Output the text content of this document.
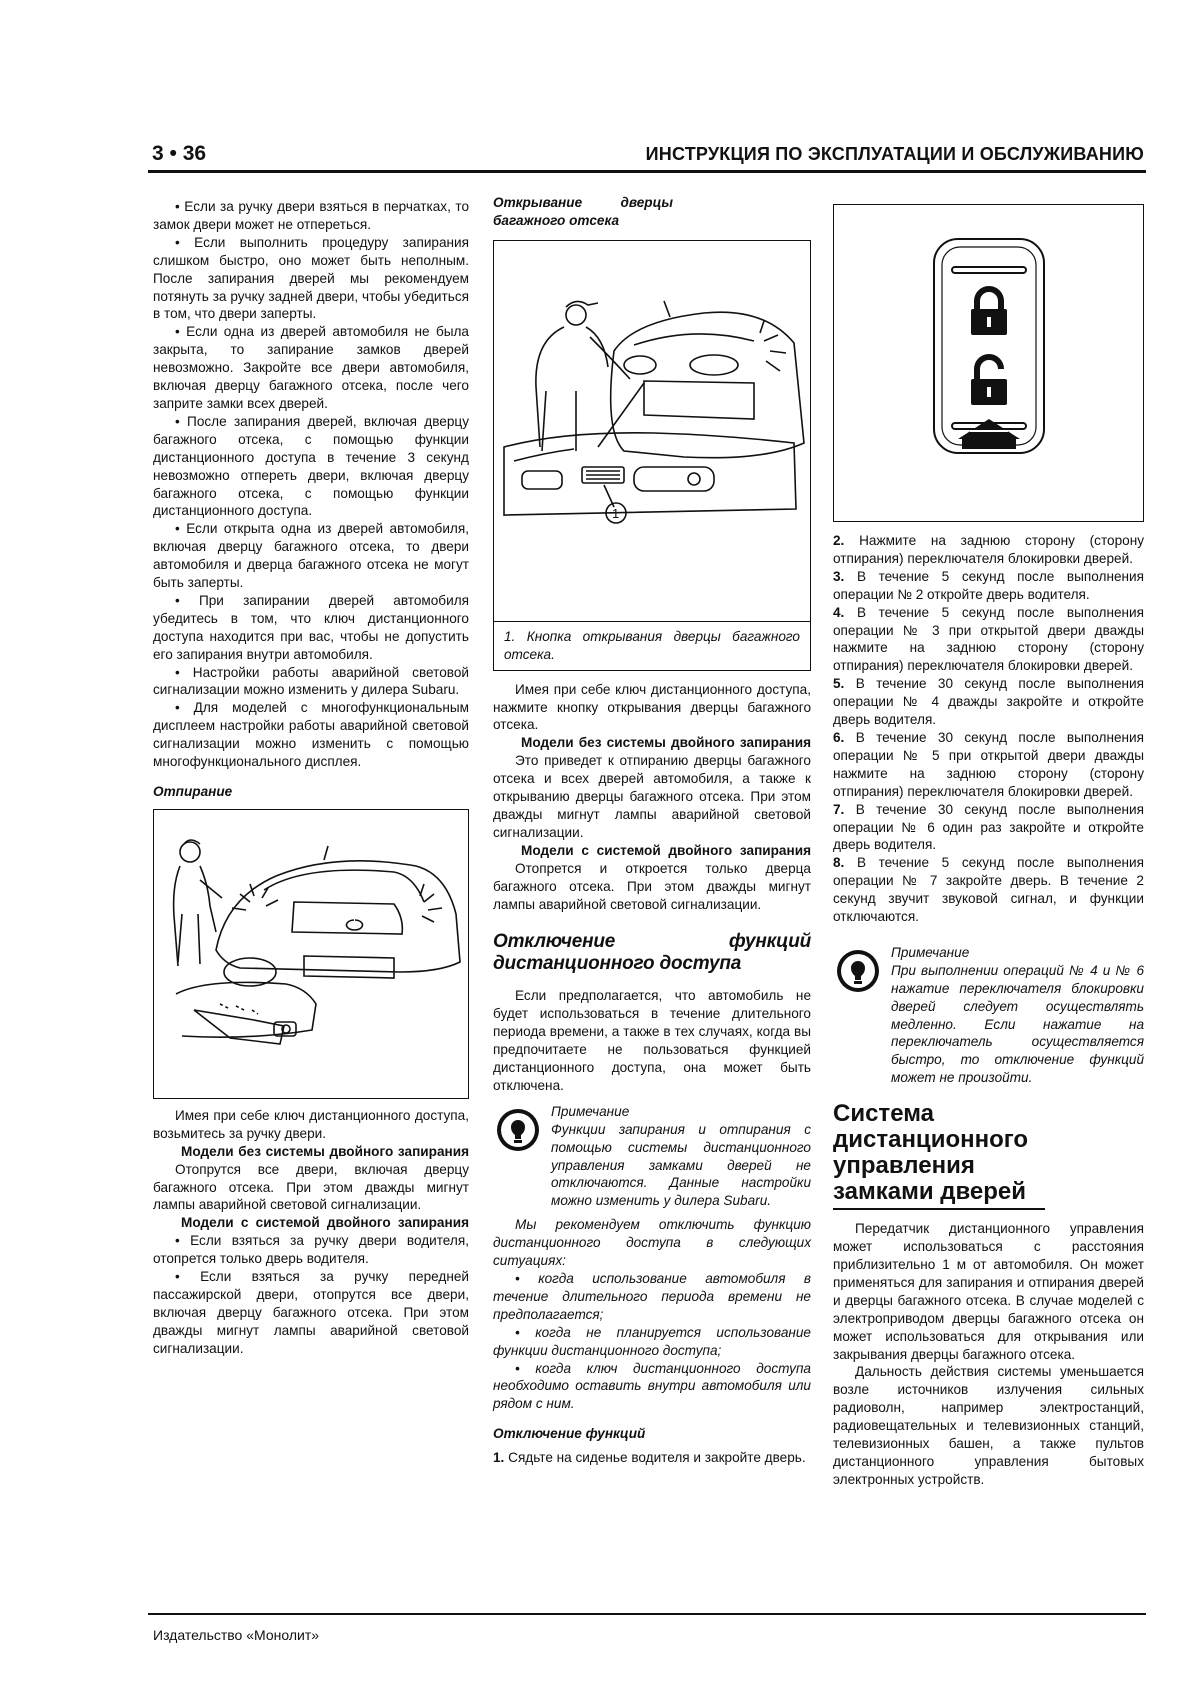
3 • 36	ИНСТРУКЦИЯ ПО ЭКСПЛУАТАЦИИ И ОБСЛУЖИВАНИЮ

• Если за ручку двери взяться в перчатках, то замок двери может не отпереться.

• Если выполнить процедуру запирания слишком быстро, оно может быть неполным. После запирания дверей мы рекомендуем потянуть за ручку задней двери, чтобы убедиться в том, что двери заперты.

• Если одна из дверей автомобиля не была закрыта, то запирание замков дверей невозможно. Закройте все двери автомобиля, включая дверцу багажного отсека, после чего заприте замки всех дверей.

• После запирания дверей, включая дверцу багажного отсека, с помощью функции дистанционного доступа в течение 3 секунд невозможно отпереть двери, включая дверцу багажного отсека, с помощью функции дистанционного доступа.

• Если открыта одна из дверей автомобиля, включая дверцу багажного отсека, то двери автомобиля и дверца багажного отсека не могут быть заперты.

• При запирании дверей автомобиля убедитесь в том, что ключ дистанционного доступа находится при вас, чтобы не допустить его запирания внутри автомобиля.

• Настройки работы аварийной световой сигнализации можно изменить у дилера Subaru.

• Для моделей с многофункциональным дисплеем настройки работы аварийной световой сигнализации можно изменить с помощью многофункционального дисплея.

Отпирание

Имея при себе ключ дистанционного доступа, возьмитесь за ручку двери.

Модели без системы двойного запирания

Отопрутся все двери, включая дверцу багажного отсека. При этом дважды мигнут лампы аварийной световой сигнализации.

Модели с системой двойного запирания

• Если взяться за ручку двери водителя, отопрется только дверь водителя.

• Если взяться за ручку передней пассажирской двери, отопрутся все двери, включая дверцу багажного отсека. При этом дважды мигнут лампы аварийной световой сигнализации.

Открывание дверцы багажного отсека

1
1. Кнопка открывания дверцы багажного отсека.

Имея при себе ключ дистанционного доступа, нажмите кнопку открывания дверцы багажного отсека.

Модели без системы двойного запирания

Это приведет к отпиранию дверцы багажного отсека и всех дверей автомобиля, а также к открыванию дверцы багажного отсека. При этом дважды мигнут лампы аварийной световой сигнализации.

Модели с системой двойного запирания

Отопрется и откроется только дверца багажного отсека. При этом дважды мигнут лампы аварийной световой сигнализации.

Отключение функций дистанционного доступа

Если предполагается, что автомобиль не будет использоваться в течение длительного периода времени, а также в тех случаях, когда вы предпочитаете не пользоваться функцией дистанционного доступа, она может быть отключена.

Примечание
Функции запирания и отпирания с помощью системы дистанционного управления замками дверей не отключаются. Данные настройки можно изменить у дилера Subaru.

Мы рекомендуем отключить функцию дистанционного доступа в следующих ситуациях:

• когда использование автомобиля в течение длительного периода времени не предполагается;

• когда не планируется использование функции дистанционного доступа;

• когда ключ дистанционного доступа необходимо оставить внутри автомобиля или рядом с ним.

Отключение функций

1. Сядьте на сиденье водителя и закройте дверь.

2. Нажмите на заднюю сторону (сторону отпирания) переключателя блокировки дверей.

3. В течение 5 секунд после выполнения операции № 2 откройте дверь водителя.

4. В течение 5 секунд после выполнения операции № 3 при открытой двери дважды нажмите на заднюю сторону (сторону отпирания) переключателя блокировки дверей.

5. В течение 30 секунд после выполнения операции № 4 дважды закройте и откройте дверь водителя.

6. В течение 30 секунд после выполнения операции № 5 при открытой двери дважды нажмите на заднюю сторону (сторону отпирания) переключателя блокировки дверей.

7. В течение 30 секунд после выполнения операции № 6 один раз закройте и откройте дверь водителя.

8. В течение 5 секунд после выполнения операции № 7 закройте дверь. В течение 2 секунд звучит звуковой сигнал, и функции отключаются.

Примечание
При выполнении операций № 4 и № 6 нажатие переключателя блокировки дверей следует осуществлять медленно. Если нажатие на переключатель осуществляется быстро, то отключение функций может не произойти.

Система дистанционного управления замками дверей

Передатчик дистанционного управления может использоваться с расстояния приблизительно 1 м от автомобиля. Он может применяться для запирания и отпирания дверей и дверцы багажного отсека. В случае моделей с электроприводом дверцы багажного отсека он может использоваться для открывания или закрывания дверцы багажного отсека.

Дальность действия системы уменьшается возле источников излучения сильных радиоволн, например электростанций, радиовещательных и телевизионных станций, телевизионных башен, а также пультов дистанционного управления бытовых электронных устройств.

Издательство «Монолит»
